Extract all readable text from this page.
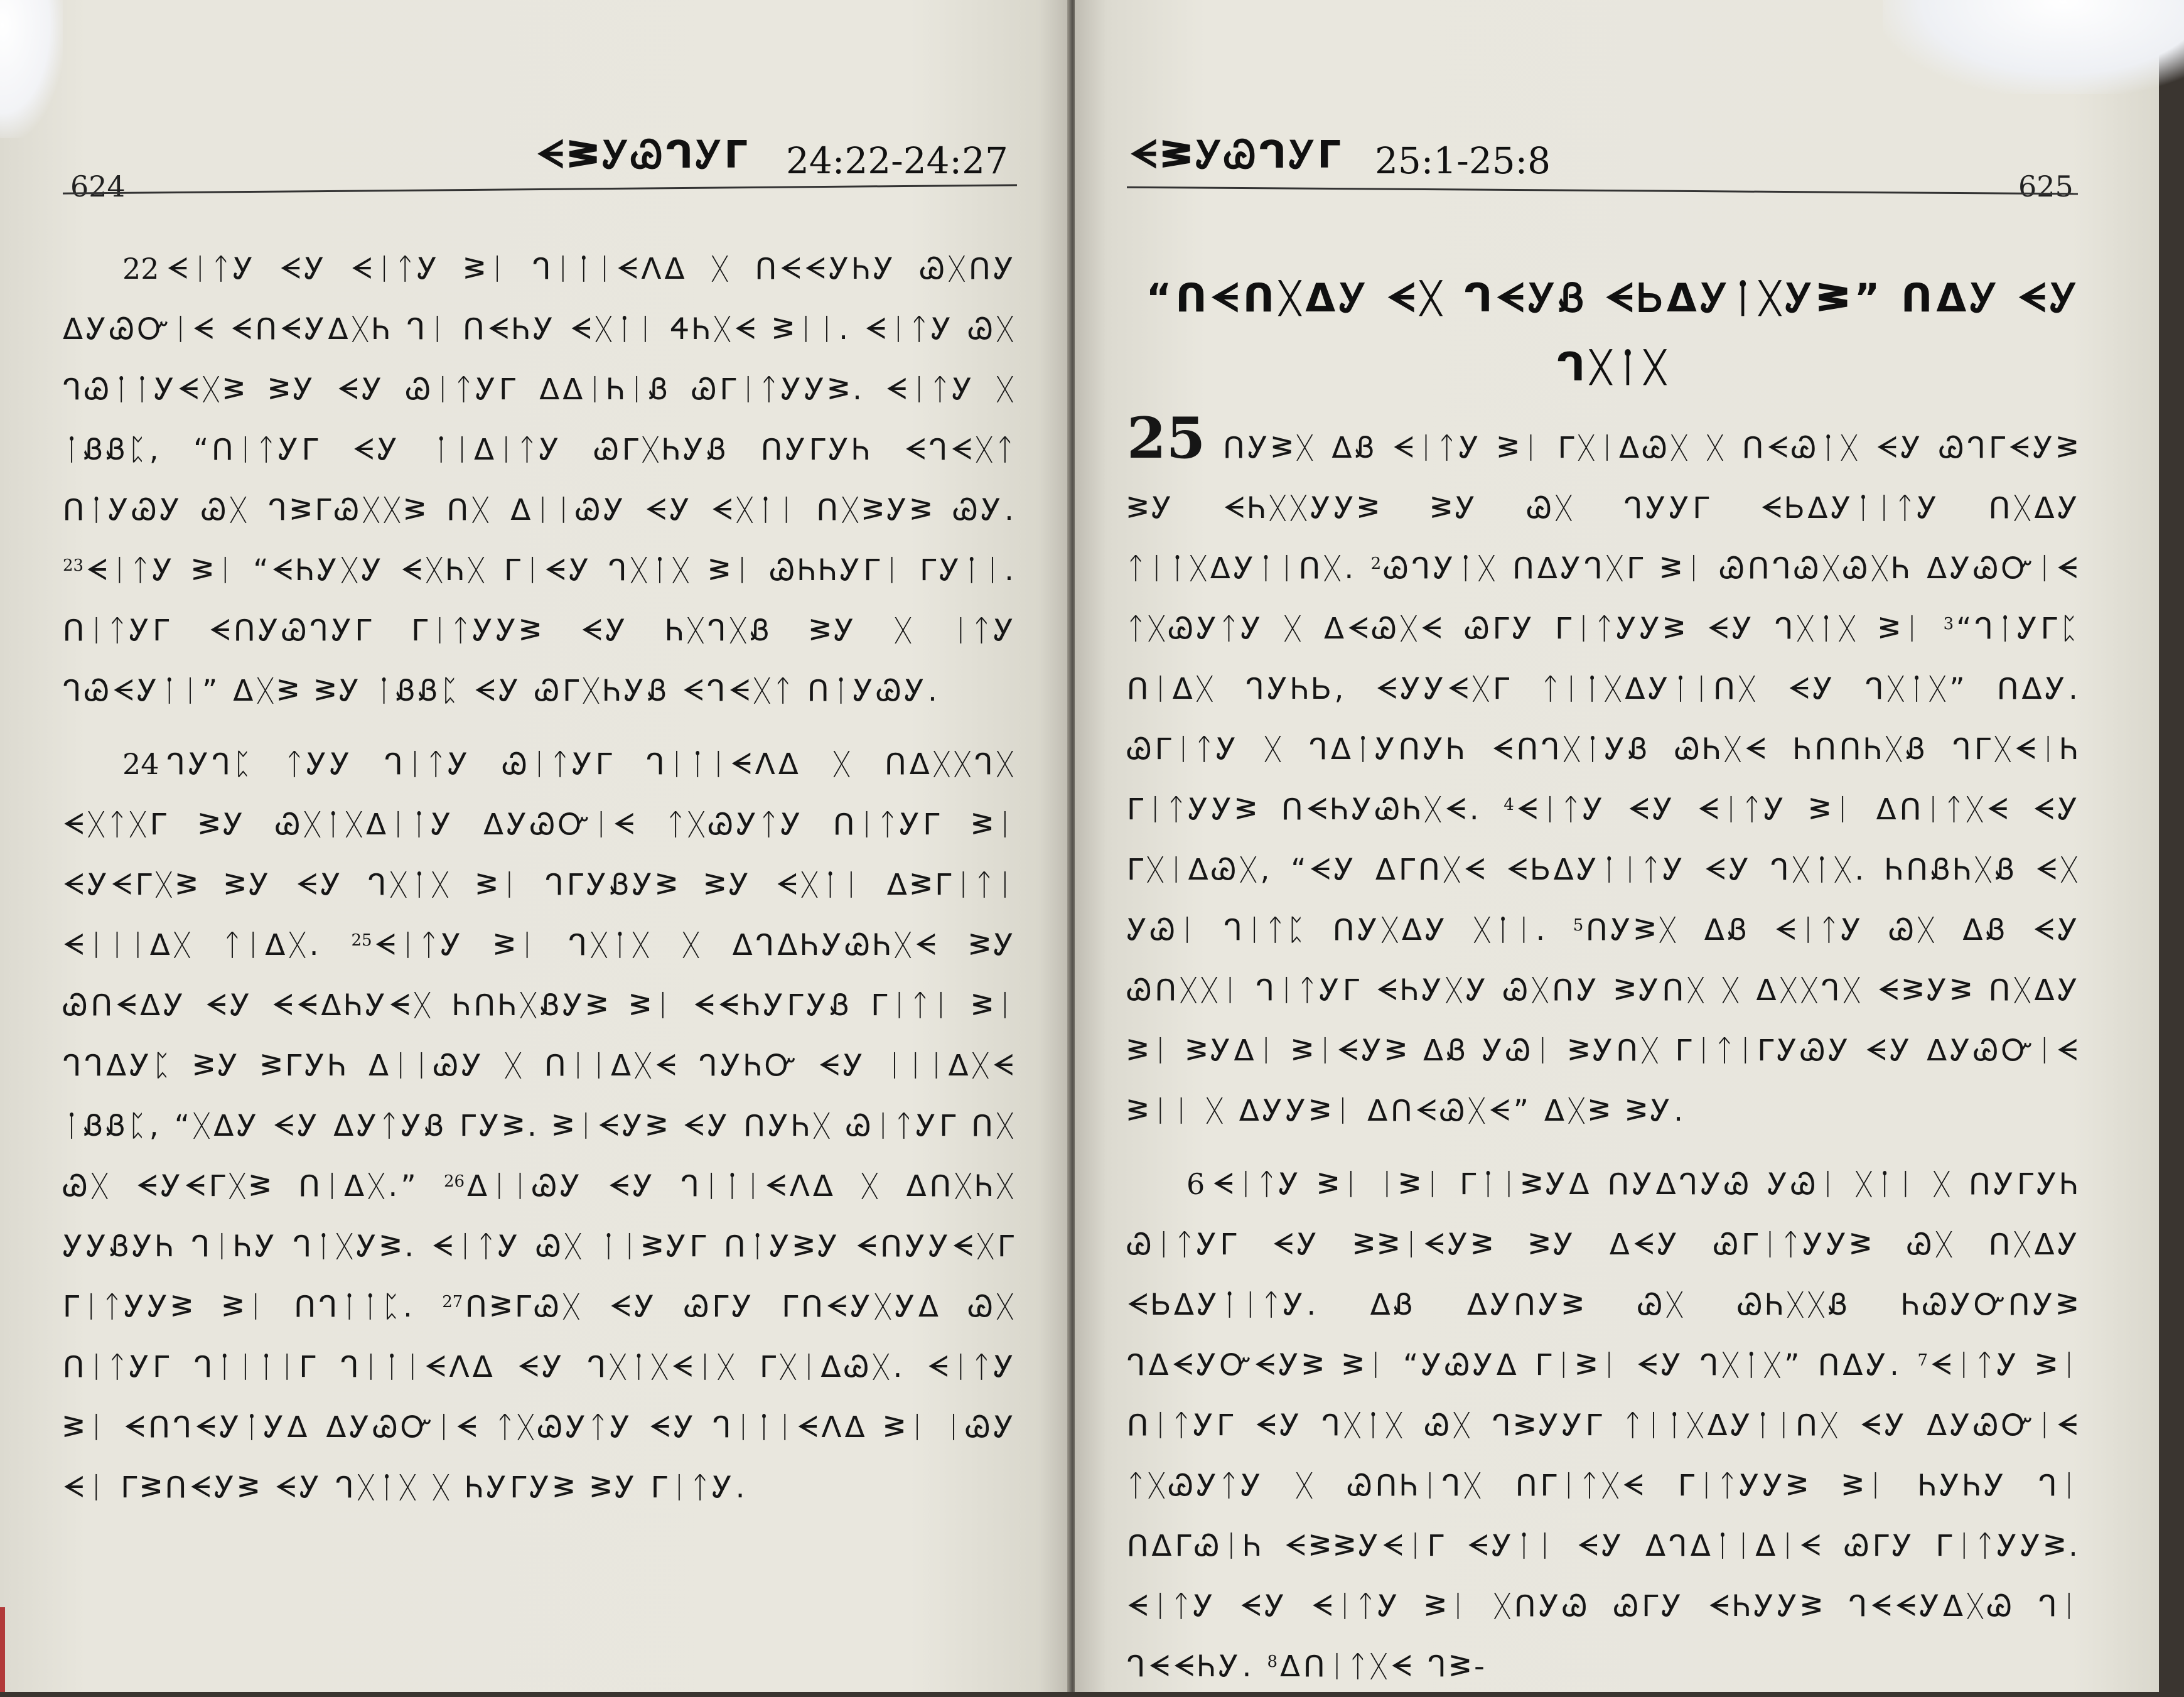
ᗕᕒᎩᏊᒉᎩᒥ 24:22-24:27
624

22 ᗕᛁᛏᎩ ᗕᎩ ᗕᛁᛏᎩ ᕒᛁ ᒉᛁᛙᛁᗕᐱᐃ ᚷ ᑎᗕᗕᎩᏂᎩ ᏊᚷᑎᎩ ᐃᎩᏊᏅᛁᗕ ᗕᑎᗕᎩᐃᚷᏂ ᒉᛁ ᑎᗕᏂᎩ ᗕᚷᛙᛁ ᏎᏂᚷᗕ ᕒᛁᛁ. ᗕᛁᛏᎩ Ꮚᚷ ᒉᏊᛙᛙᎩᗕᚷᕒ ᕒᎩ ᗕᎩ ᏊᛁᛏᎩᒥ ᐃᐃᛁᏂᛁᏰ ᏊᒥᛁᛏᎩᎩᕒ. ᗕᛁᛏᎩ ᚷ ᛙᏰᏰᛈ, “ᑎᛁᛏᎩᒥ ᗕᎩ ᛙᛁᐃᛁᛏᎩ ᏊᒥᚷᏂᎩᏰ ᑎᎩᒥᎩᏂ ᗕᒉᗕᚷᛏ ᑎᛙᎩᏊᎩ Ꮚᚷ ᒉᕒᒥᏊᚷᚷᕒ ᑎᚷ ᐃᛁᛁᏊᎩ ᗕᎩ ᗕᚷᛙᛁ ᑎᚷᕒᎩᕒ ᏊᎩ. $^{23}$ᗕᛁᛏᎩ ᕒᛁ “ᗕᏂᎩᚷᎩ ᗕᚷᏂᚷ ᒥᛁᗕᎩ ᒉᚷᛙᚷ ᕒᛁ ᏊᏂᏂᎩᒥᛁ ᒥᎩᛙᛁ. ᑎᛁᛏᎩᒥ ᗕᑎᎩᏊᒉᎩᒥ ᒥᛁᛏᎩᎩᕒ ᗕᎩ ᏂᚷᒉᚷᏰ ᕒᎩ ᚷ ᛁᛏᎩ ᒉᏊᗕᎩᛙᛁ” ᐃᚷᕒ ᕒᎩ ᛙᏰᏰᛈ ᗕᎩ ᏊᒥᚷᏂᎩᏰ ᗕᒉᗕᚷᛏ ᑎᛙᎩᏊᎩ.

24 ᒉᎩᒉᛈ ᛏᎩᎩ ᒉᛁᛏᎩ ᏊᛁᛏᎩᒥ ᒉᛁᛙᛁᗕᐱᐃ ᚷ ᑎᐃᚷᚷᒉᚷ ᗕᚷᛏᚷᒥ ᕒᎩ ᏊᚷᛙᚷᐃᛁᛙᎩ ᐃᎩᏊᏅᛁᗕ ᛏᚷᏊᎩᛏᎩ ᑎᛁᛏᎩᒥ ᕒᛁ ᗕᎩᗕᒥᚷᕒ ᕒᎩ ᗕᎩ ᒉᚷᛙᚷ ᕒᛁ ᒉᒥᎩᏰᎩᕒ ᕒᎩ ᗕᚷᛙᛁ ᐃᕒᒥᛁᛏᛁ ᗕᛁᛁᛁᐃᚷ ᛏᛁᐃᚷ. $^{25}$ᗕᛁᛏᎩ ᕒᛁ ᒉᚷᛙᚷ ᚷ ᐃᒉᐃᏂᎩᏊᏂᚷᗕ ᕒᎩ ᏊᑎᗕᐃᎩ ᗕᎩ ᗕᗕᐃᏂᎩᗕᚷ ᏂᑎᏂᚷᏰᎩᕒ ᕒᛁ ᗕᗕᏂᎩᒥᎩᏰ ᒥᛁᛏᛁ ᕒᛁ ᒉᒉᐃᎩᛈ ᕒᎩ ᕒᒥᎩᏂ ᐃᛁᛁᏊᎩ ᚷ ᑎᛁᛁᐃᚷᗕ ᒉᎩᏂᏅ ᗕᎩ ᛁᛁᛁᐃᚷᗕ ᛙᏰᏰᛈ, “ᚷᐃᎩ ᗕᎩ ᐃᎩᛏᎩᏰ ᒥᎩᕒ. ᕒᛁᗕᎩᕒ ᗕᎩ ᑎᎩᏂᚷ ᏊᛁᛏᎩᒥ ᑎᚷ Ꮚᚷ ᗕᎩᗕᒥᚷᕒ ᑎᛁᐃᚷ.” $^{26}$ᐃᛁᛁᏊᎩ ᗕᎩ ᒉᛁᛙᛁᗕᐱᐃ ᚷ ᐃᑎᚷᏂᚷ ᎩᎩᏰᎩᏂ ᒉᛁᏂᎩ ᒉᛙᚷᎩᕒ. ᗕᛁᛏᎩ Ꮚᚷ ᛙᛁᕒᎩᒥ ᑎᛙᎩᕒᎩ ᗕᑎᎩᎩᗕᚷᒥ ᒥᛁᛏᎩᎩᕒ ᕒᛁ ᑎᒉᛙᛙᛈ. $^{27}$ᑎᕒᒥᏊᚷ ᗕᎩ ᏊᒥᎩ ᒥᑎᗕᎩᚷᎩᐃ Ꮚᚷ ᑎᛁᛏᎩᒥ ᒉᛙᛁᛙᛁᒥ ᒉᛁᛙᛁᗕᐱᐃ ᗕᎩ ᒉᚷᛙᚷᗕᛁᚷ ᒥᚷᛁᐃᏊᚷ. ᗕᛁᛏᎩ ᕒᛁ ᗕᑎᒉᗕᎩᛙᎩᐃ ᐃᎩᏊᏅᛁᗕ ᛏᚷᏊᎩᛏᎩ ᗕᎩ ᒉᛁᛙᛁᗕᐱᐃ ᕒᛁ ᛁᏊᎩ ᗕᛁ ᒥᕒᑎᗕᎩᕒ ᗕᎩ ᒉᚷᛙᚷ ᚷ ᏂᎩᒥᎩᕒ ᕒᎩ ᒥᛁᛏᎩ.

ᗕᕒᎩᏊᒉᎩᒥ 25:1-25:8
625
“ᑎᗕᑎᚷᐃᎩ ᗕᚷ ᒉᗕᎩᏰ ᗕᏏᐃᎩᛙᚷᎩᕒ” ᑎᐃᎩ ᗕᎩ ᒉᚷᛙᚷ

25 ᑎᎩᕒᚷ ᐃᏰ ᗕᛁᛏᎩ ᕒᛁ ᒥᚷᛁᐃᏊᚷ ᚷ ᑎᗕᏊᛙᚷ ᗕᎩ ᏊᒉᒥᗕᎩᕒ ᕒᎩ ᗕᏂᚷᚷᎩᎩᕒ ᕒᎩ Ꮚᚷ ᒉᎩᎩᒥ ᗕᏏᐃᎩᛙᛁᛏᎩ ᑎᚷᐃᎩ ᛏᛁᛙᚷᐃᎩᛙᛁᑎᚷ. $^2$ᏊᒉᎩᛙᚷ ᑎᐃᎩᒉᚷᒥ ᕒᛁ ᏊᑎᒉᏊᚷᏊᚷᏂ ᐃᎩᏊᏅᛁᗕ ᛏᚷᏊᎩᛏᎩ ᚷ ᐃᗕᏊᚷᗕ ᏊᒥᎩ ᒥᛁᛏᎩᎩᕒ ᗕᎩ ᒉᚷᛙᚷ ᕒᛁ $^3$“ᒉᛙᎩᒥᛈ ᑎᛁᐃᚷ ᒉᎩᏂᏏ, ᗕᎩᎩᗕᚷᒥ ᛏᛁᛙᚷᐃᎩᛙᛁᑎᚷ ᗕᎩ ᒉᚷᛙᚷ” ᑎᐃᎩ. ᏊᒥᛁᛏᎩ ᚷ ᒉᐃᛙᎩᑎᎩᏂ ᗕᑎᒉᚷᛙᎩᏰ ᏊᏂᚷᗕ ᏂᑎᑎᏂᚷᏰ ᒉᒥᚷᗕᛁᏂ ᒥᛁᛏᎩᎩᕒ ᑎᗕᏂᎩᏊᏂᚷᗕ. $^4$ᗕᛁᛏᎩ ᗕᎩ ᗕᛁᛏᎩ ᕒᛁ ᐃᑎᛁᛏᚷᗕ ᗕᎩ ᒥᚷᛁᐃᏊᚷ, “ᗕᎩ ᐃᒥᑎᚷᗕ ᗕᏏᐃᎩᛙᛁᛏᎩ ᗕᎩ ᒉᚷᛙᚷ. ᏂᑎᏰᏂᚷᏰ ᗕᚷ ᎩᏊᛁ ᒉᛁᛏᛈ ᑎᎩᚷᐃᎩ ᚷᛙᛁ. $^5$ᑎᎩᕒᚷ ᐃᏰ ᗕᛁᛏᎩ Ꮚᚷ ᐃᏰ ᗕᎩ Ꮚᑎᚷᚷᛁ ᒉᛁᛏᎩᒥ ᗕᏂᎩᚷᎩ ᏊᚷᑎᎩ ᕒᎩᑎᚷ ᚷ ᐃᚷᚷᒉᚷ ᗕᕒᎩᕒ ᑎᚷᐃᎩ ᕒᛁ ᕒᎩᐃᛁ ᕒᛁᗕᎩᕒ ᐃᏰ ᎩᏊᛁ ᕒᎩᑎᚷ ᒥᛁᛏᛁᒥᎩᏊᎩ ᗕᎩ ᐃᎩᏊᏅᛁᗕ ᕒᛁᛁ ᚷ ᐃᎩᎩᕒᛁ ᐃᑎᗕᏊᚷᗕ” ᐃᚷᕒ ᕒᎩ.

6 ᗕᛁᛏᎩ ᕒᛁ ᛁᕒᛁ ᒥᛙᛁᕒᎩᐃ ᑎᎩᐃᒉᎩᏊ ᎩᏊᛁ ᚷᛙᛁ ᚷ ᑎᎩᒥᎩᏂ ᏊᛁᛏᎩᒥ ᗕᎩ ᕒᕒᛁᗕᎩᕒ ᕒᎩ ᐃᗕᎩ ᏊᒥᛁᛏᎩᎩᕒ Ꮚᚷ ᑎᚷᐃᎩ ᗕᏏᐃᎩᛙᛁᛏᎩ. ᐃᏰ ᐃᎩᑎᎩᕒ Ꮚᚷ ᏊᏂᚷᚷᏰ ᏂᏊᎩᏅᑎᎩᕒ ᒉᐃᗕᎩᏅᗕᎩᕒ ᕒᛁ “ᎩᏊᎩᐃ ᒥᛁᕒᛁ ᗕᎩ ᒉᚷᛙᚷ” ᑎᐃᎩ. $^7$ᗕᛁᛏᎩ ᕒᛁ ᑎᛁᛏᎩᒥ ᗕᎩ ᒉᚷᛙᚷ Ꮚᚷ ᒉᕒᎩᎩᒥ ᛏᛁᛙᚷᐃᎩᛙᛁᑎᚷ ᗕᎩ ᐃᎩᏊᏅᛁᗕ ᛏᚷᏊᎩᛏᎩ ᚷ ᏊᑎᏂᛁᒉᚷ ᑎᒥᛁᛏᚷᗕ ᒥᛁᛏᎩᎩᕒ ᕒᛁ ᏂᎩᏂᎩ ᒉᛁ ᑎᐃᒥᏊᛁᏂ ᗕᕒᕒᎩᗕᛁᒥ ᗕᎩᛙᛁ ᗕᎩ ᐃᒉᐃᛙᛁᐃᛁᗕ ᏊᒥᎩ ᒥᛁᛏᎩᎩᕒ. ᗕᛁᛏᎩ ᗕᎩ ᗕᛁᛏᎩ ᕒᛁ ᚷᑎᎩᏊ ᏊᒥᎩ ᗕᏂᎩᎩᕒ ᒉᗕᗕᎩᐃᚷᏊ ᒉᛁ ᒉᗕᗕᏂᎩ. $^8$ᐃᑎᛁᛏᚷᗕ ᒉᕒ-
